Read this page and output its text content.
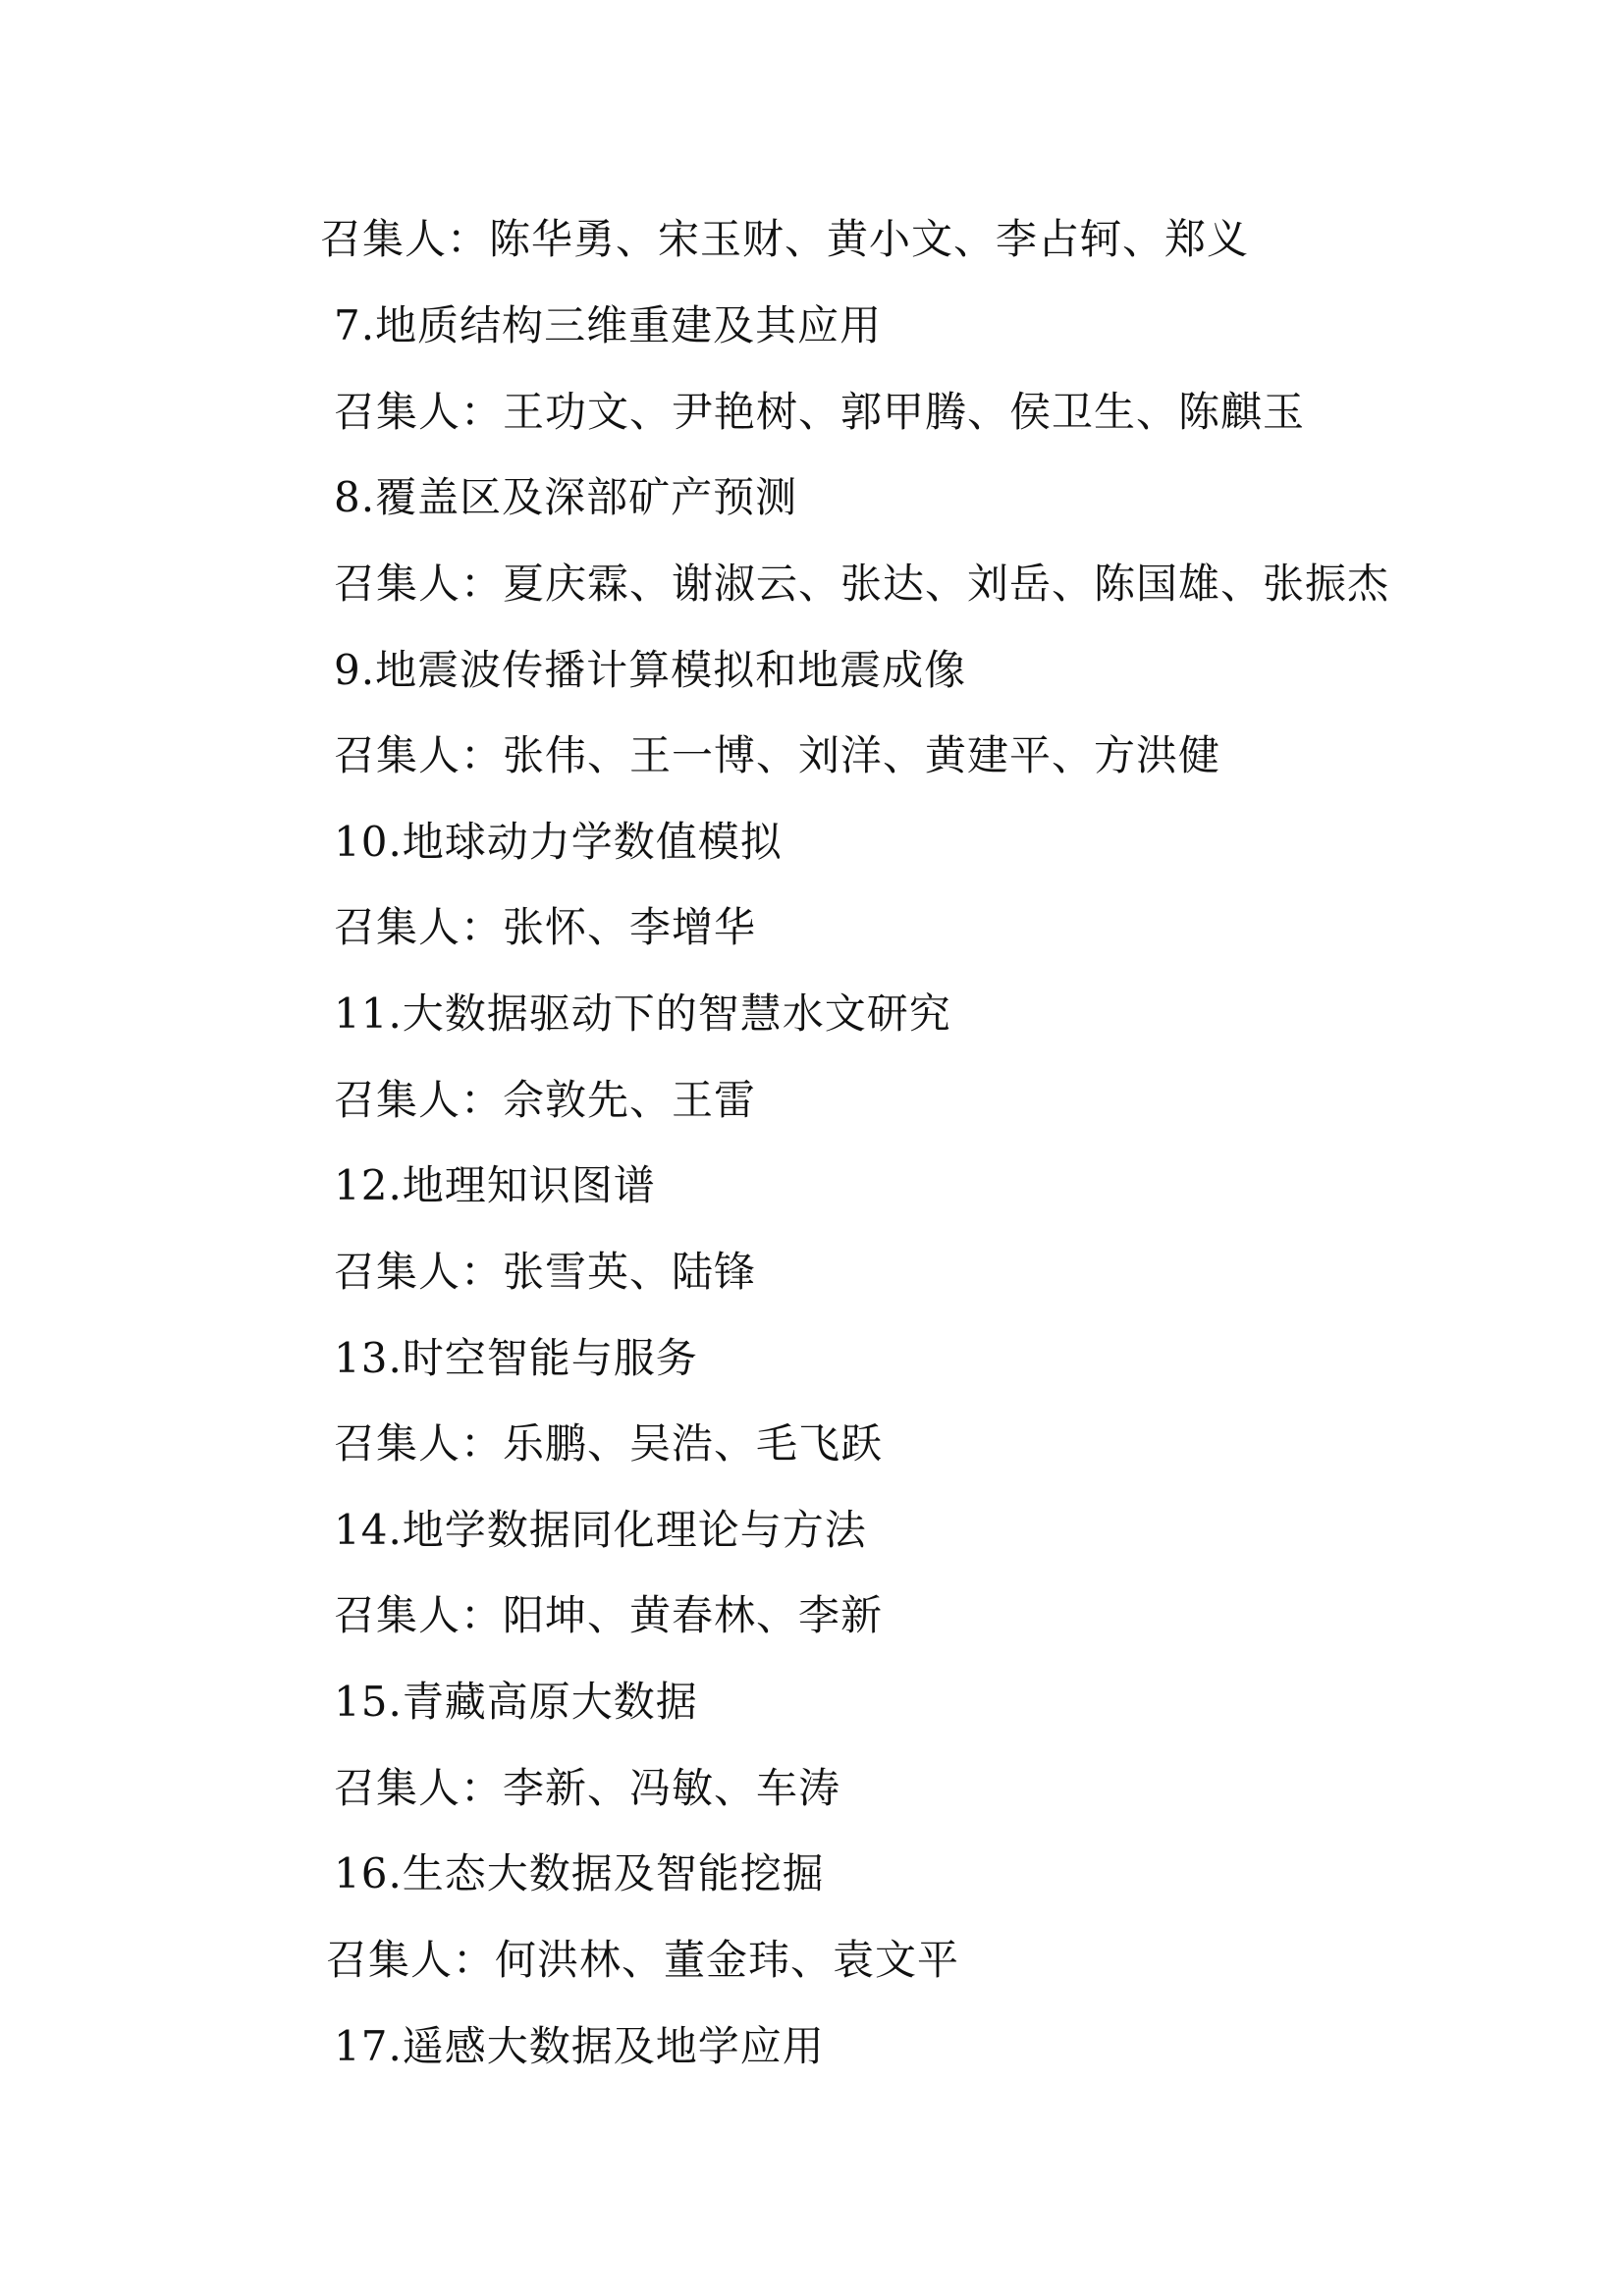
召集人：陈华勇、宋玉财、黄小文、李占轲、郑义
7.地质结构三维重建及其应用
召集人：王功文、尹艳树、郭甲腾、侯卫生、陈麒玉
8.覆盖区及深部矿产预测
召集人：夏庆霖、谢淑云、张达、刘岳、陈国雄、张振杰
9.地震波传播计算模拟和地震成像
召集人：张伟、王一博、刘洋、黄建平、方洪健
10.地球动力学数值模拟
召集人：张怀、李增华
11.大数据驱动下的智慧水文研究
召集人：佘敦先、王雷
12.地理知识图谱
召集人：张雪英、陆锋
13.时空智能与服务
召集人：乐鹏、吴浩、毛飞跃
14.地学数据同化理论与方法
召集人：阳坤、黄春林、李新
15.青藏高原大数据
召集人：李新、冯敏、车涛
16.生态大数据及智能挖掘
召集人：何洪林、董金玮、袁文平
17.遥感大数据及地学应用
